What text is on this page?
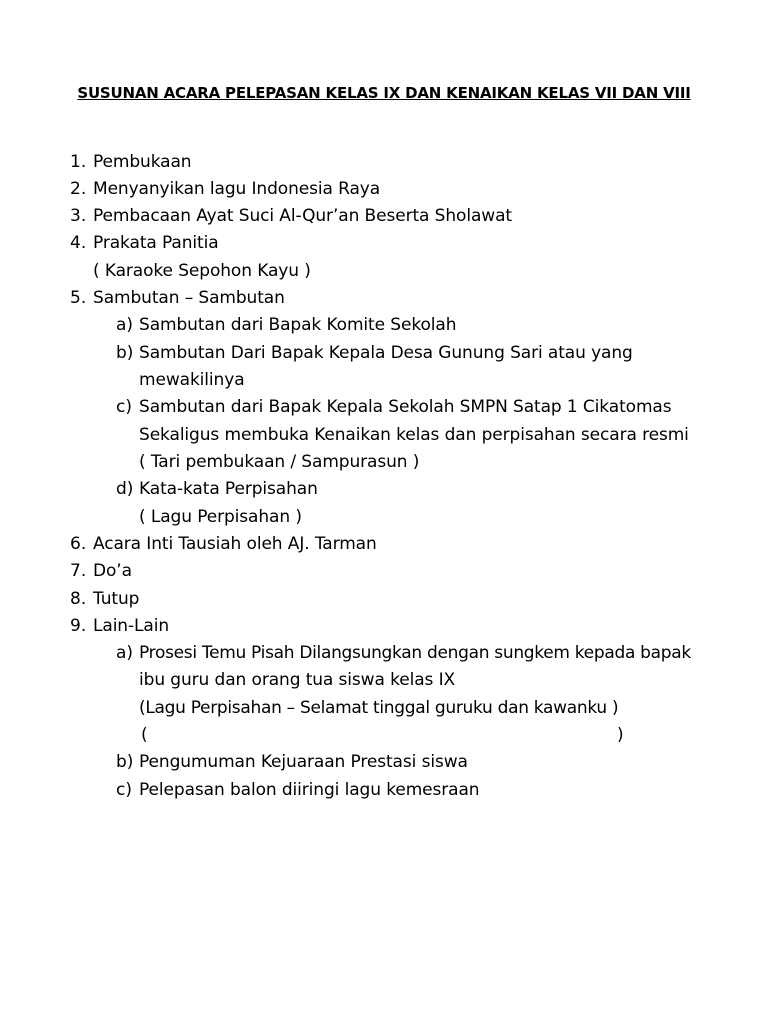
SUSUNAN ACARA PELEPASAN KELAS IX DAN KENAIKAN KELAS VII DAN VIII
1. Pembukaan
2. Menyanyikan lagu Indonesia Raya
3. Pembacaan Ayat Suci Al-Qur’an Beserta Sholawat
4. Prakata Panitia
( Karaoke Sepohon Kayu )
5. Sambutan – Sambutan
a) Sambutan dari Bapak Komite Sekolah
b) Sambutan Dari Bapak Kepala Desa Gunung Sari atau yang
mewakilinya
c) Sambutan dari Bapak Kepala Sekolah SMPN Satap 1 Cikatomas
Sekaligus membuka Kenaikan kelas dan perpisahan secara resmi
( Tari pembukaan / Sampurasun )
d) Kata-kata Perpisahan
( Lagu Perpisahan )
6. Acara Inti Tausiah oleh AJ. Tarman
7. Do’a
8. Tutup
9. Lain-Lain
a) Prosesi Temu Pisah Dilangsungkan dengan sungkem kepada bapak
ibu guru dan orang tua siswa kelas IX
(Lagu Perpisahan – Selamat tinggal guruku dan kawanku )
(	)
b) Pengumuman Kejuaraan Prestasi siswa
c) Pelepasan balon diiringi lagu kemesraan
